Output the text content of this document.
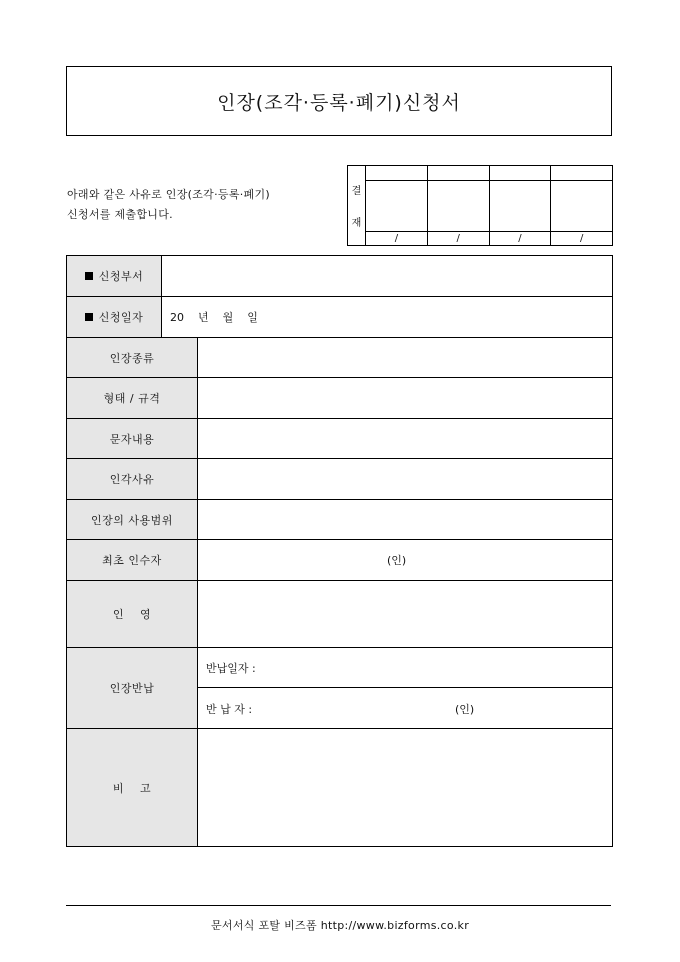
인장(조각·등록·폐기)신청서
아래와 같은 사유로 인장(조각·등록·폐기)
신청서를 제출합니다.
결
재
/	/	/	/
신청부서
신청일자	20    년    월    일
인장종류
형태 / 규격
문자내용
인각사유
인장의 사용범위
최초 인수자	(인)
인    영
인장반납
반납일자 :
반 납 자 :	(인)
비    고
문서서식 포탈 비즈폼 http://www.bizforms.co.kr
